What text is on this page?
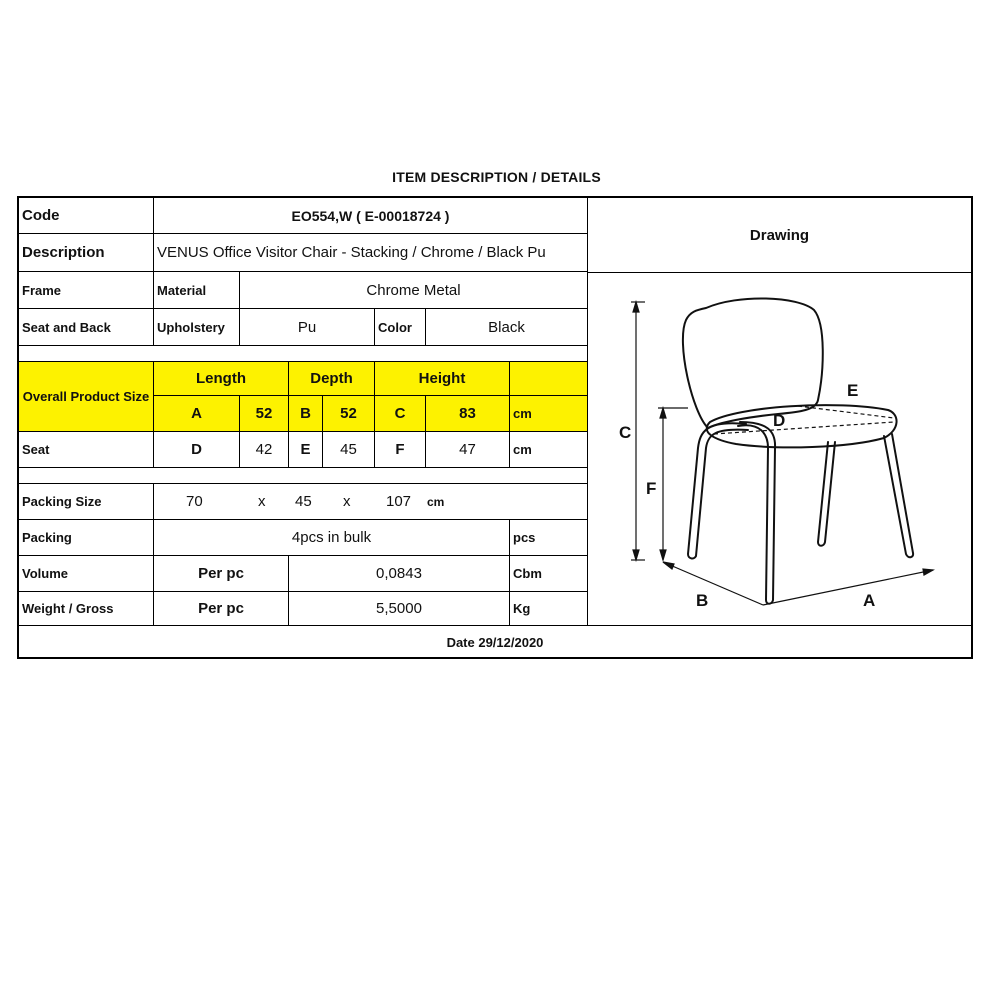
ITEM DESCRIPTION / DETAILS
Code	EO554,W ( E-00018724 )
Description	VENUS Office Visitor Chair - Stacking / Chrome / Black Pu
Drawing
Frame	Material	Chrome Metal
Seat and Back	Upholstery	Pu	Color	Black
Overall Product Size
Length	Depth	Height
A	52	B	52	C	83	cm
Seat	D	42	E	45	F	47	cm
Packing Size	70	x 45 x 107 cm
Packing	4pcs in bulk	pcs
Volume	Per pc	0,0843	Cbm
Weight / Gross	Per pc	5,5000	Kg
C
F
D
E
B	A
Date 29/12/2020
